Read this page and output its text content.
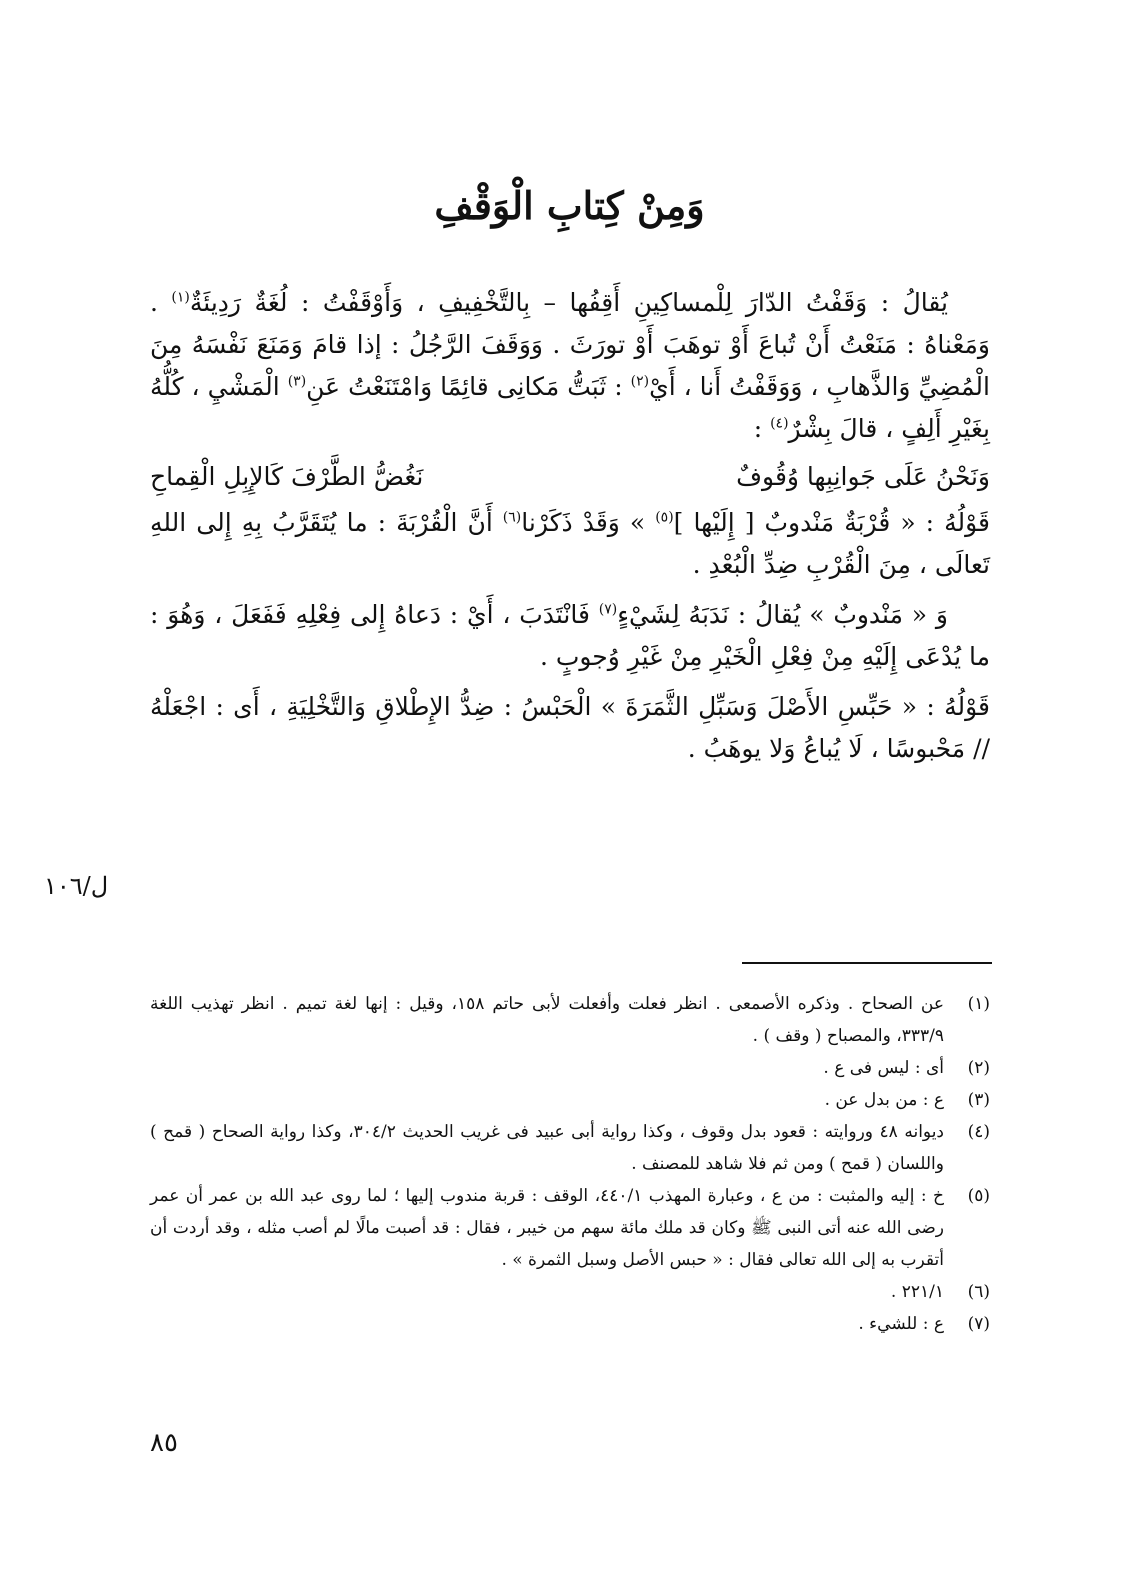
وَمِنْ كِتابِ الْوَقْفِ

يُقالُ : وَقَفْتُ الدّارَ لِلْمساكِينِ أَقِفُها – بِالتَّخْفِيفِ ، وَأَوْقَفْتُ : لُغَةٌ رَدِيئَةٌ$^{(١)}$ . وَمَعْناهُ : مَنَعْتُ أَنْ تُباعَ أَوْ توهَبَ أَوْ تورَثَ . وَوَقَفَ الرَّجُلُ : إذا قامَ وَمَنَعَ نَفْسَهُ مِنَ الْمُضِيِّ وَالذَّهابِ ، وَوَقَفْتُ أَنا ، أَيْ$^{(٢)}$ : ثَبَتُّ مَكانِى قائِمًا وَامْتَنَعْتُ عَنِ$^{(٣)}$ الْمَشْيِ ، كُلُّهُ بِغَيْرِ أَلِفٍ ، قالَ بِشْرٌ$^{(٤)}$ :

وَنَحْنُ عَلَى جَوانِبِها وُقُوفٌ
نَغُضُّ الطَّرْفَ كَالإِبِلِ الْقِماحِ

قَوْلُهُ : « قُرْبَةٌ مَنْدوبٌ [ إِلَيْها ]$^{(٥)}$ » وَقَدْ ذَكَرْنا$^{(٦)}$ أَنَّ الْقُرْبَةَ : ما يُتَقَرَّبُ بِهِ إِلى اللهِ تَعالَى ، مِنَ الْقُرْبِ ضِدِّ الْبُعْدِ .

وَ « مَنْدوبٌ » يُقالُ : نَدَبَهُ لِشَيْءٍ$^{(٧)}$ فَانْتَدَبَ ، أَيْ : دَعاهُ إِلى فِعْلِهِ فَفَعَلَ ، وَهُوَ : ما يُدْعَى إِلَيْهِ مِنْ فِعْلِ الْخَيْرِ مِنْ غَيْرِ وُجوبٍ .

قَوْلُهُ : « حَبِّسِ الأَصْلَ وَسَبِّلِ الثَّمَرَةَ » الْحَبْسُ : ضِدُّ الإِطْلاقِ وَالتَّخْلِيَةِ ، أَى : اجْعَلْهُ // مَحْبوسًا ، لَا يُباعُ وَلا يوهَبُ .

ل/١٠٦
(١)
عن الصحاح . وذكره الأصمعى . انظر فعلت وأفعلت لأبى حاتم ١٥٨، وقيل : إنها لغة تميم . انظر تهذيب اللغة ٣٣٣/٩، والمصباح ( وقف ) .
(٢)
أى : ليس فى ع .
(٣)
ع : من بدل عن .
(٤)
ديوانه ٤٨ وروايته : قعود بدل وقوف ، وكذا رواية أبى عبيد فى غريب الحديث ٣٠٤/٢، وكذا رواية الصحاح ( قمح ) واللسان ( قمح ) ومن ثم فلا شاهد للمصنف .
(٥)
خ : إليه والمثبت : من ع ، وعبارة المهذب ٤٤٠/١، الوقف : قربة مندوب إليها ؛ لما روى عبد الله بن عمر أن عمر رضى الله عنه أتى النبى ﷺ وكان قد ملك مائة سهم من خيبر ، فقال : قد أصبت مالًا لم أصب مثله ، وقد أردت أن أتقرب به إلى الله تعالى فقال : « حبس الأصل وسبل الثمرة » .
(٦)
٢٢١/١ .
(٧)
ع : للشيء .
٨٥
